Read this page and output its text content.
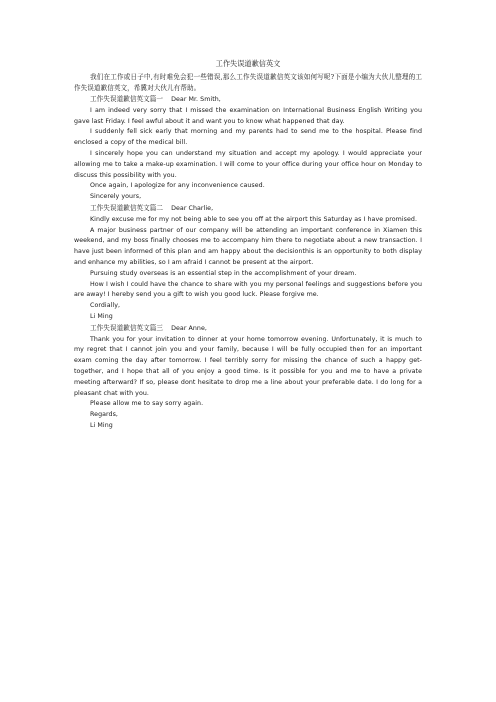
工作失误道歉信英文

我们在工作或日子中,有时难免会犯一些错误,那么工作失误道歉信英文该如何写呢?下面是小编为大伙儿整理的工作失误道歉信英文，希冀对大伙儿有帮助。

工作失误道歉信英文篇一 Dear Mr. Smith,

I am indeed very sorry that I missed the examination on International Business English Writing you gave last Friday. I feel awful about it and want you to know what happened that day.

I suddenly fell sick early that morning and my parents had to send me to the hospital. Please find enclosed a copy of the medical bill.

I sincerely hope you can understand my situation and accept my apology. I would appreciate your allowing me to take a make-up examination. I will come to your office during your office hour on Monday to discuss this possibility with you.

Once again, I apologize for any inconvenience caused.

Sincerely yours,

工作失误道歉信英文篇二 Dear Charlie,

Kindly excuse me for my not being able to see you off at the airport this Saturday as I have promised.

A major business partner of our company will be attending an important conference in Xiamen this weekend, and my boss finally chooses me to accompany him there to negotiate about a new transaction. I have just been informed of this plan and am happy about the decisionthis is an opportunity to both display and enhance my abilities, so I am afraid I cannot be present at the airport.

Pursuing study overseas is an essential step in the accomplishment of your dream.

How I wish I could have the chance to share with you my personal feelings and suggestions before you are away! I hereby send you a gift to wish you good luck. Please forgive me.

Cordially,

Li Ming

工作失误道歉信英文篇三 Dear Anne,

Thank you for your invitation to dinner at your home tomorrow evening. Unfortunately, it is much to my regret that I cannot join you and your family, because I will be fully occupied then for an important exam coming the day after tomorrow. I feel terribly sorry for missing the chance of such a happy get-together, and I hope that all of you enjoy a good time. Is it possible for you and me to have a private meeting afterward? If so, please dont hesitate to drop me a line about your preferable date. I do long for a pleasant chat with you.

Please allow me to say sorry again.

Regards,

Li Ming
